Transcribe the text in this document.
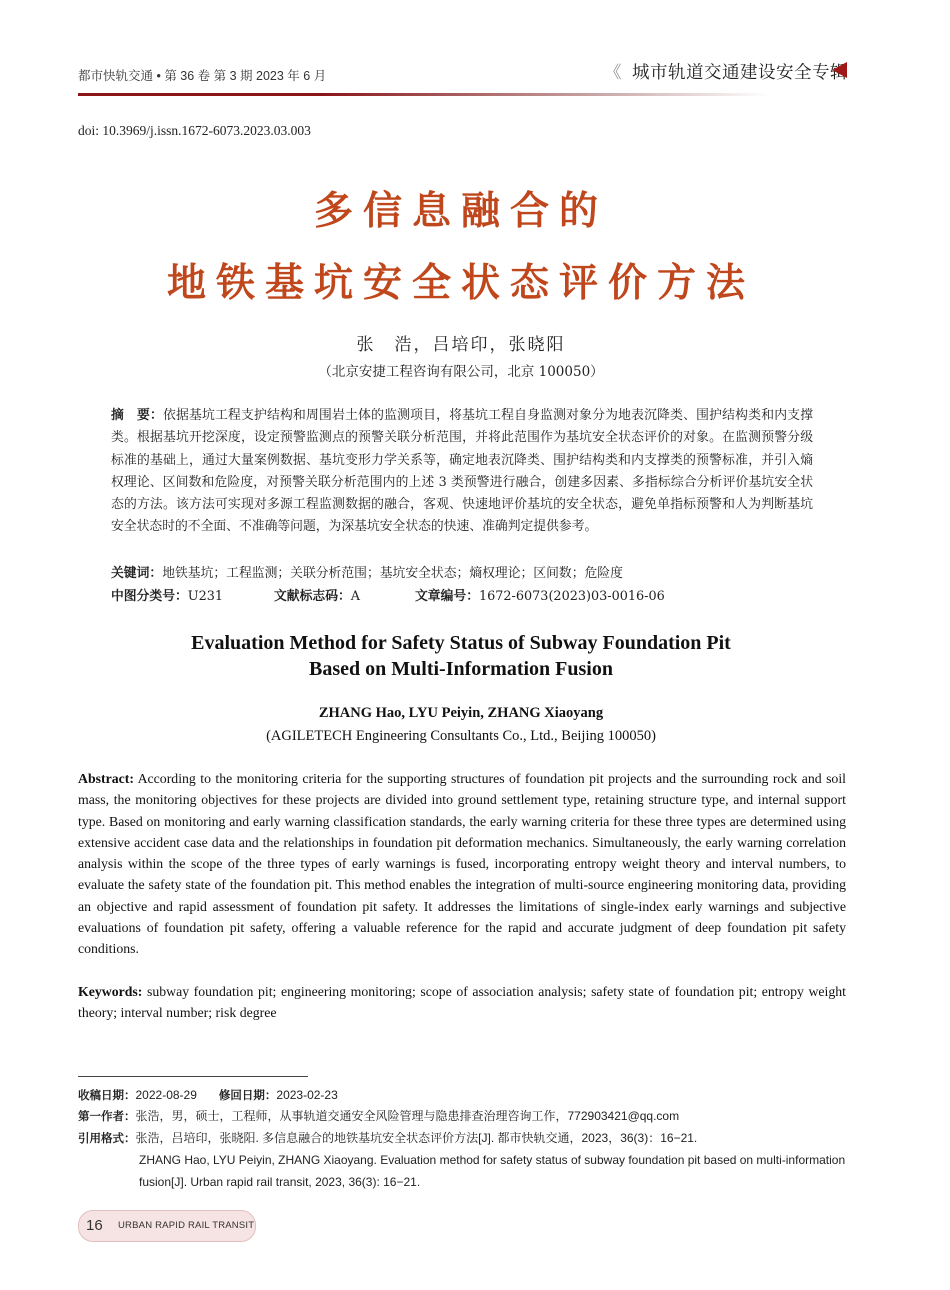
都市快轨交通 • 第 36 卷 第 3 期 2023 年 6 月	《 城市轨道交通建设安全专辑
doi: 10.3969/j.issn.1672-6073.2023.03.003
多信息融合的
地铁基坑安全状态评价方法
张　浩，吕培印，张晓阳
（北京安捷工程咨询有限公司，北京 100050）
摘　要：依据基坑工程支护结构和周围岩土体的监测项目，将基坑工程自身监测对象分为地表沉降类、围护结构类和内支撑类。根据基坑开挖深度，设定预警监测点的预警关联分析范围，并将此范围作为基坑安全状态评价的对象。在监测预警分级标准的基础上，通过大量案例数据、基坑变形力学关系等，确定地表沉降类、围护结构类和内支撑类的预警标准，并引入熵权理论、区间数和危险度，对预警关联分析范围内的上述 3 类预警进行融合，创建多因素、多指标综合分析评价基坑安全状态的方法。该方法可实现对多源工程监测数据的融合，客观、快速地评价基坑的安全状态，避免单指标预警和人为判断基坑安全状态时的不全面、不准确等问题，为深基坑安全状态的快速、准确判定提供参考。
关键词：地铁基坑；工程监测；关联分析范围；基坑安全状态；熵权理论；区间数；危险度
中图分类号：U231	文献标志码：A	文章编号：1672-6073(2023)03-0016-06
Evaluation Method for Safety Status of Subway Foundation Pit
Based on Multi-Information Fusion
ZHANG Hao, LYU Peiyin, ZHANG Xiaoyang
(AGILETECH Engineering Consultants Co., Ltd., Beijing 100050)
Abstract: According to the monitoring criteria for the supporting structures of foundation pit projects and the surrounding rock and soil mass, the monitoring objectives for these projects are divided into ground settlement type, retaining structure type, and internal support type. Based on monitoring and early warning classification standards, the early warning criteria for these three types are determined using extensive accident case data and the relationships in foundation pit deformation mechanics. Simultaneously, the early warning correlation analysis within the scope of the three types of early warnings is fused, incorporating entropy weight theory and interval numbers, to evaluate the safety state of the foundation pit. This method enables the integration of multi-source engineering monitoring data, providing an objective and rapid assessment of foundation pit safety. It addresses the limitations of single-index early warnings and subjective evaluations of foundation pit safety, offering a valuable reference for the rapid and accurate judgment of deep foundation pit safety conditions.
Keywords: subway foundation pit; engineering monitoring; scope of association analysis; safety state of foundation pit; entropy weight theory; interval number; risk degree
收稿日期：2022-08-29 修回日期：2023-02-23
第一作者：张浩，男，硕士，工程师，从事轨道交通安全风险管理与隐患排查治理咨询工作，772903421@qq.com
引用格式：张浩，吕培印，张晓阳. 多信息融合的地铁基坑安全状态评价方法[J]. 都市快轨交通，2023，36(3)：16−21.
ZHANG Hao, LYU Peiyin, ZHANG Xiaoyang. Evaluation method for safety status of subway foundation pit based on multi-information fusion[J]. Urban rapid rail transit, 2023, 36(3): 16−21.
16 URBAN RAPID RAIL TRANSIT
